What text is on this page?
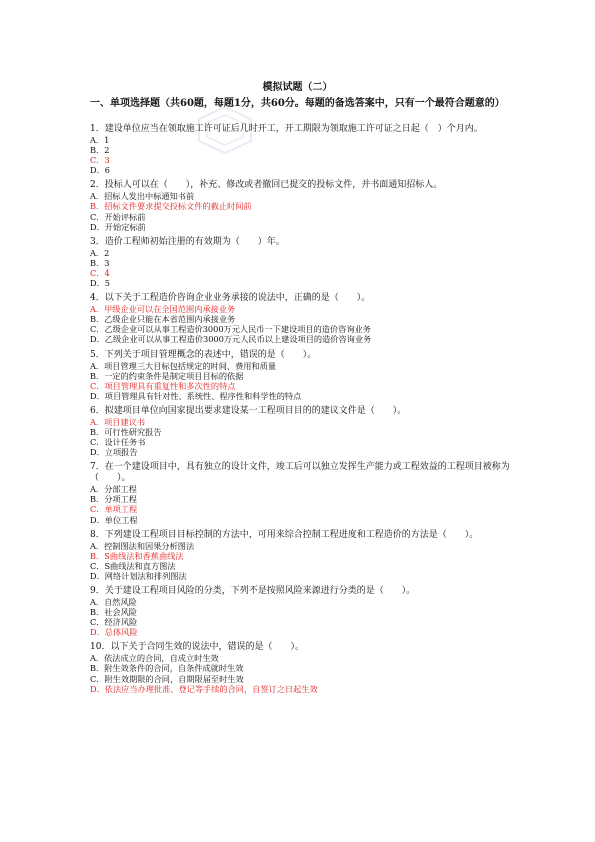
模拟试题（二）
一、单项选择题（共60题，每题1分，共60分。每题的备选答案中，只有一个最符合题意的）
1．建设单位应当在领取施工许可证后几时开工，开工期限为领取施工许可证之日起（　）个月内。
A．1
B．2
C．3
D．6
2．投标人可以在（　　），补充、修改或者撤回已提交的投标文件，并书面通知招标人。
A．招标人发出中标通知书前
B．招标文件要求提交投标文件的截止时间前
C．开始评标前
D．开始定标前
3．造价工程师初始注册的有效期为（　　）年。
A．2
B．3
C．4
D．5
4．以下关于工程造价咨询企业业务承接的说法中，正确的是（　　）。
A．甲级企业可以在全国范围内承接业务
B．乙级企业只能在本省范围内承接业务
C．乙级企业可以从事工程造价3000万元人民币一下建设项目的造价咨询业务
D．乙级企业可以从事工程造价3000万元人民币以上建设项目的造价咨询业务
5．下列关于项目管理概念的表述中，错误的是（　　）。
A．项目管理三大目标包括规定的时间、费用和质量
B．一定的约束条件是制定项目目标的依据
C．项目管理具有重复性和多次性的特点
D．项目管理具有针对性、系统性、程序性和科学性的特点
6．拟建项目单位向国家提出要求建设某一工程项目目的的建议文件是（　　）。
A．项目建议书
B．可行性研究报告
C．设计任务书
D．立项报告
7．在一个建设项目中，具有独立的设计文件，竣工后可以独立发挥生产能力或工程效益的工程项目被称为（　　）。
A．分部工程
B．分项工程
C．单项工程
D．单位工程
8．下列建设工程项目目标控制的方法中，可用来综合控制工程进度和工程造价的方法是（　　）。
A．控制图法和因果分析图法
B．S曲线法和香蕉曲线法
C．S曲线法和直方图法
D．网络计划法和排列图法
9．关于建设工程项目风险的分类，下列不是按照风险来源进行分类的是（　　）。
A．自然风险
B．社会风险
C．经济风险
D．总体风险
10．以下关于合同生效的说法中，错误的是（　　）。
A．依法成立的合同，自成立时生效
B．附生效条件的合同，自条件成就时生效
C．附生效期限的合同，自期限届至时生效
D．依法应当办理批准、登记等手续的合同，自签订之日起生效
